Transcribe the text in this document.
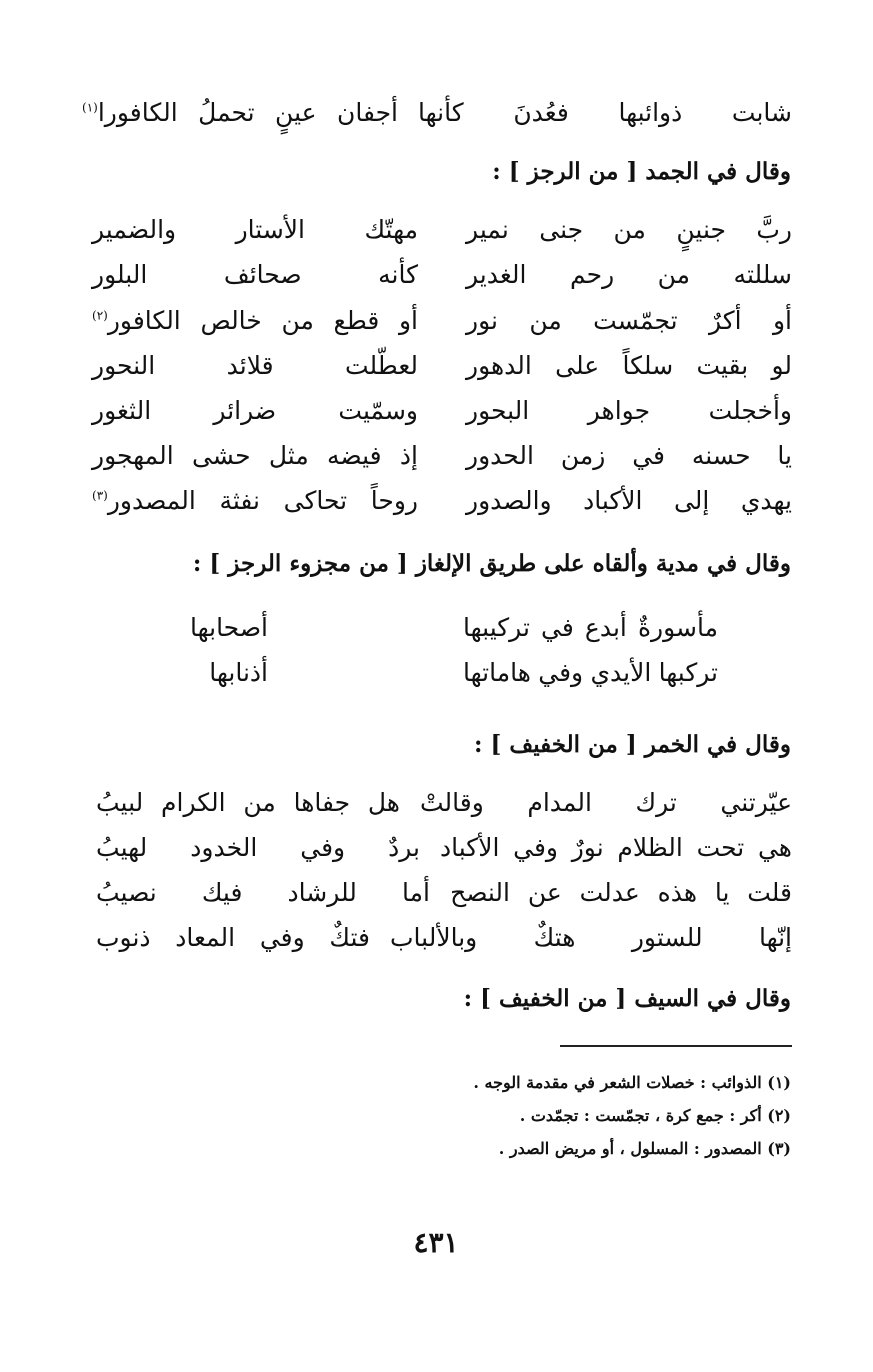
شابت
ذوائبها
فعُدنَ
كأنها
أجفان
عينٍ
تحملُ
الكافورا$^{(١)}$
ربَّ
جنينٍ
من
جنى
نمير
مهتّك
الأستار
والضمير
سللته
من
رحم
الغدير
كأنه
صحائف
البلور
أو
أكرٌ
تجمّست
من
نور
أو
قطع
من
خالص
الكافور$^{(٢)}$
لو
بقيت
سلكاً
على
الدهور
لعطّلت
قلائد
النحور
وأخجلت
جواهر
البحور
وسمّيت
ضرائر
الثغور
يا
حسنه
في
زمن
الحدور
إذ
فيضه
مثل
حشى
المهجور
يهدي
إلى
الأكباد
والصدور
روحاً
تحاكى
نفثة
المصدور$^{(٣)}$
مأسورةٌ
أبدع
في
تركيبها
أصحابها
تركبها
الأيدي
وفي
هاماتها
أذنابها
عيّرتني
ترك
المدام
وقالتْ
هل
جفاها
من
الكرام
لبيبُ
هي
تحت
الظلام
نورٌ
وفي
الأكباد
بردٌ
وفي
الخدود
لهيبُ
قلت
يا
هذه
عدلت
عن
النصح
أما
للرشاد
فيك
نصيبُ
إنّها
للستور
هتكٌ
وبالألباب
فتكٌ
وفي
المعاد
ذنوب
وقال في الجمد [ من الرجز ] :
وقال في مدية وألقاه على طريق الإلغاز [ من مجزوء الرجز ] :
وقال في الخمر [ من الخفيف ] :
وقال في السيف [ من الخفيف ] :
(١) الذوائب : خصلات الشعر في مقدمة الوجه .
(٢) أكر : جمع كرة ، تجمّست : تجمّدت .
(٣) المصدور : المسلول ، أو مريض الصدر .
٤٣١
